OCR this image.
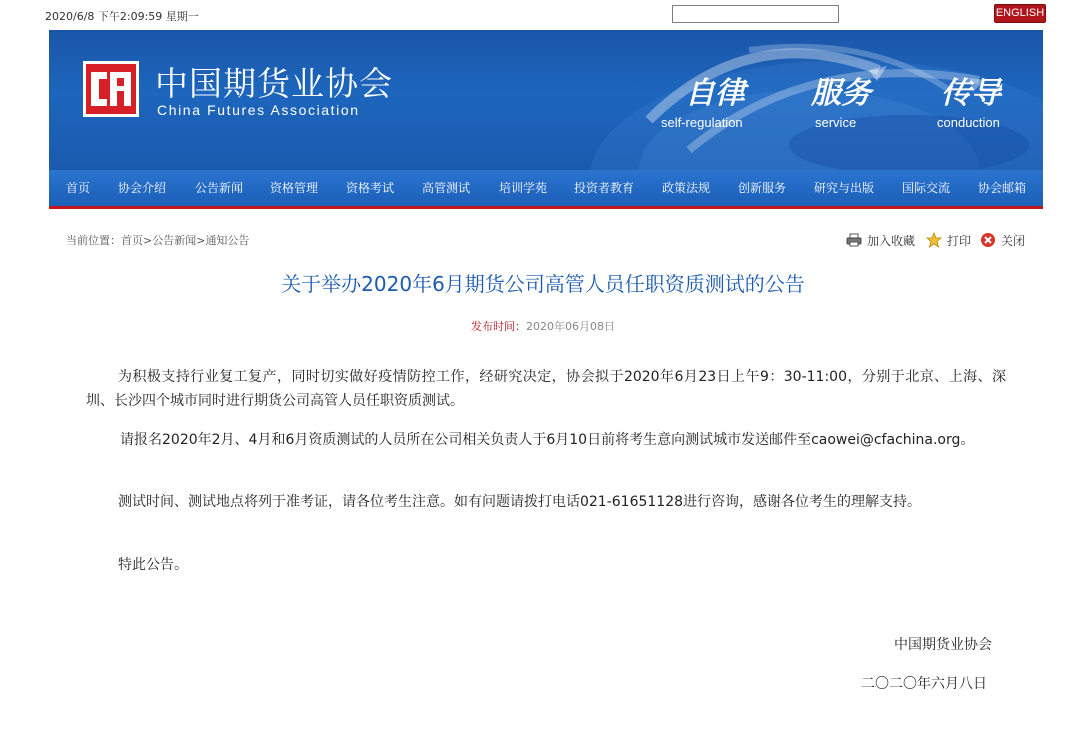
2020/6/8 下午2:09:59 星期一	ENGLISH
中国期货业协会
China Futures Association	自律
self-regulation
服务
service
传导
conduction
首页 协会介绍 公告新闻 资格管理 资格考试 高管测试 培训学苑 投资者教育 政策法规 创新服务 研究与出版 国际交流 协会邮箱
当前位置：首页>公告新闻>通知公告	加入收藏	打印 关闭
关于举办2020年6月期货公司高管人员任职资质测试的公告
发布时间：2020年06月08日
为积极支持行业复工复产，同时切实做好疫情防控工作，经研究决定，协会拟于2020年6月23日上午9：30-11:00，分别于北京、上海、深圳、长沙四个城市同时进行期货公司高管人员任职资质测试。
请报名2020年2月、4月和6月资质测试的人员所在公司相关负责人于6月10日前将考生意向测试城市发送邮件至caowei@cfachina.org。
测试时间、测试地点将列于准考证，请各位考生注意。如有问题请拨打电话021-61651128进行咨询，感谢各位考生的理解支持。
特此公告。
中国期货业协会
二〇二〇年六月八日
